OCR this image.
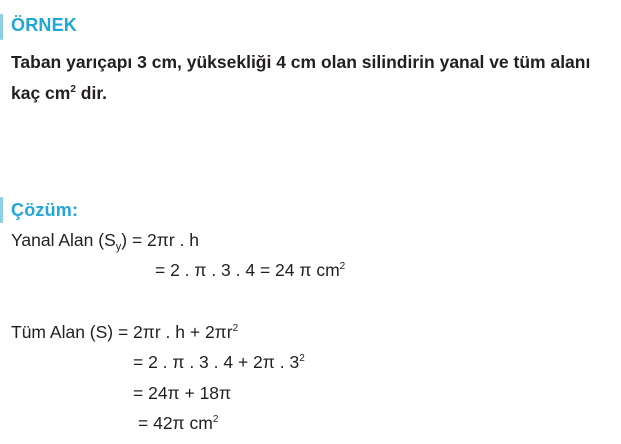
ÖRNEK
Taban yarıçapı 3 cm, yüksekliği 4 cm olan silindirin yanal ve tüm alanı kaç $cm^2$ dir.
Çözüm:
Yanal Alan $(S_y) = 2\pi r$ . h
= 2 . π . 3 . 4 = 24 π $cm^2$
Tüm Alan (S) = 2πr . $h + 2\pi r^2$
= 2 . π . 3 . 4 + 2π . $3^2$
= 24π + 18π
= 42π $cm^2$
